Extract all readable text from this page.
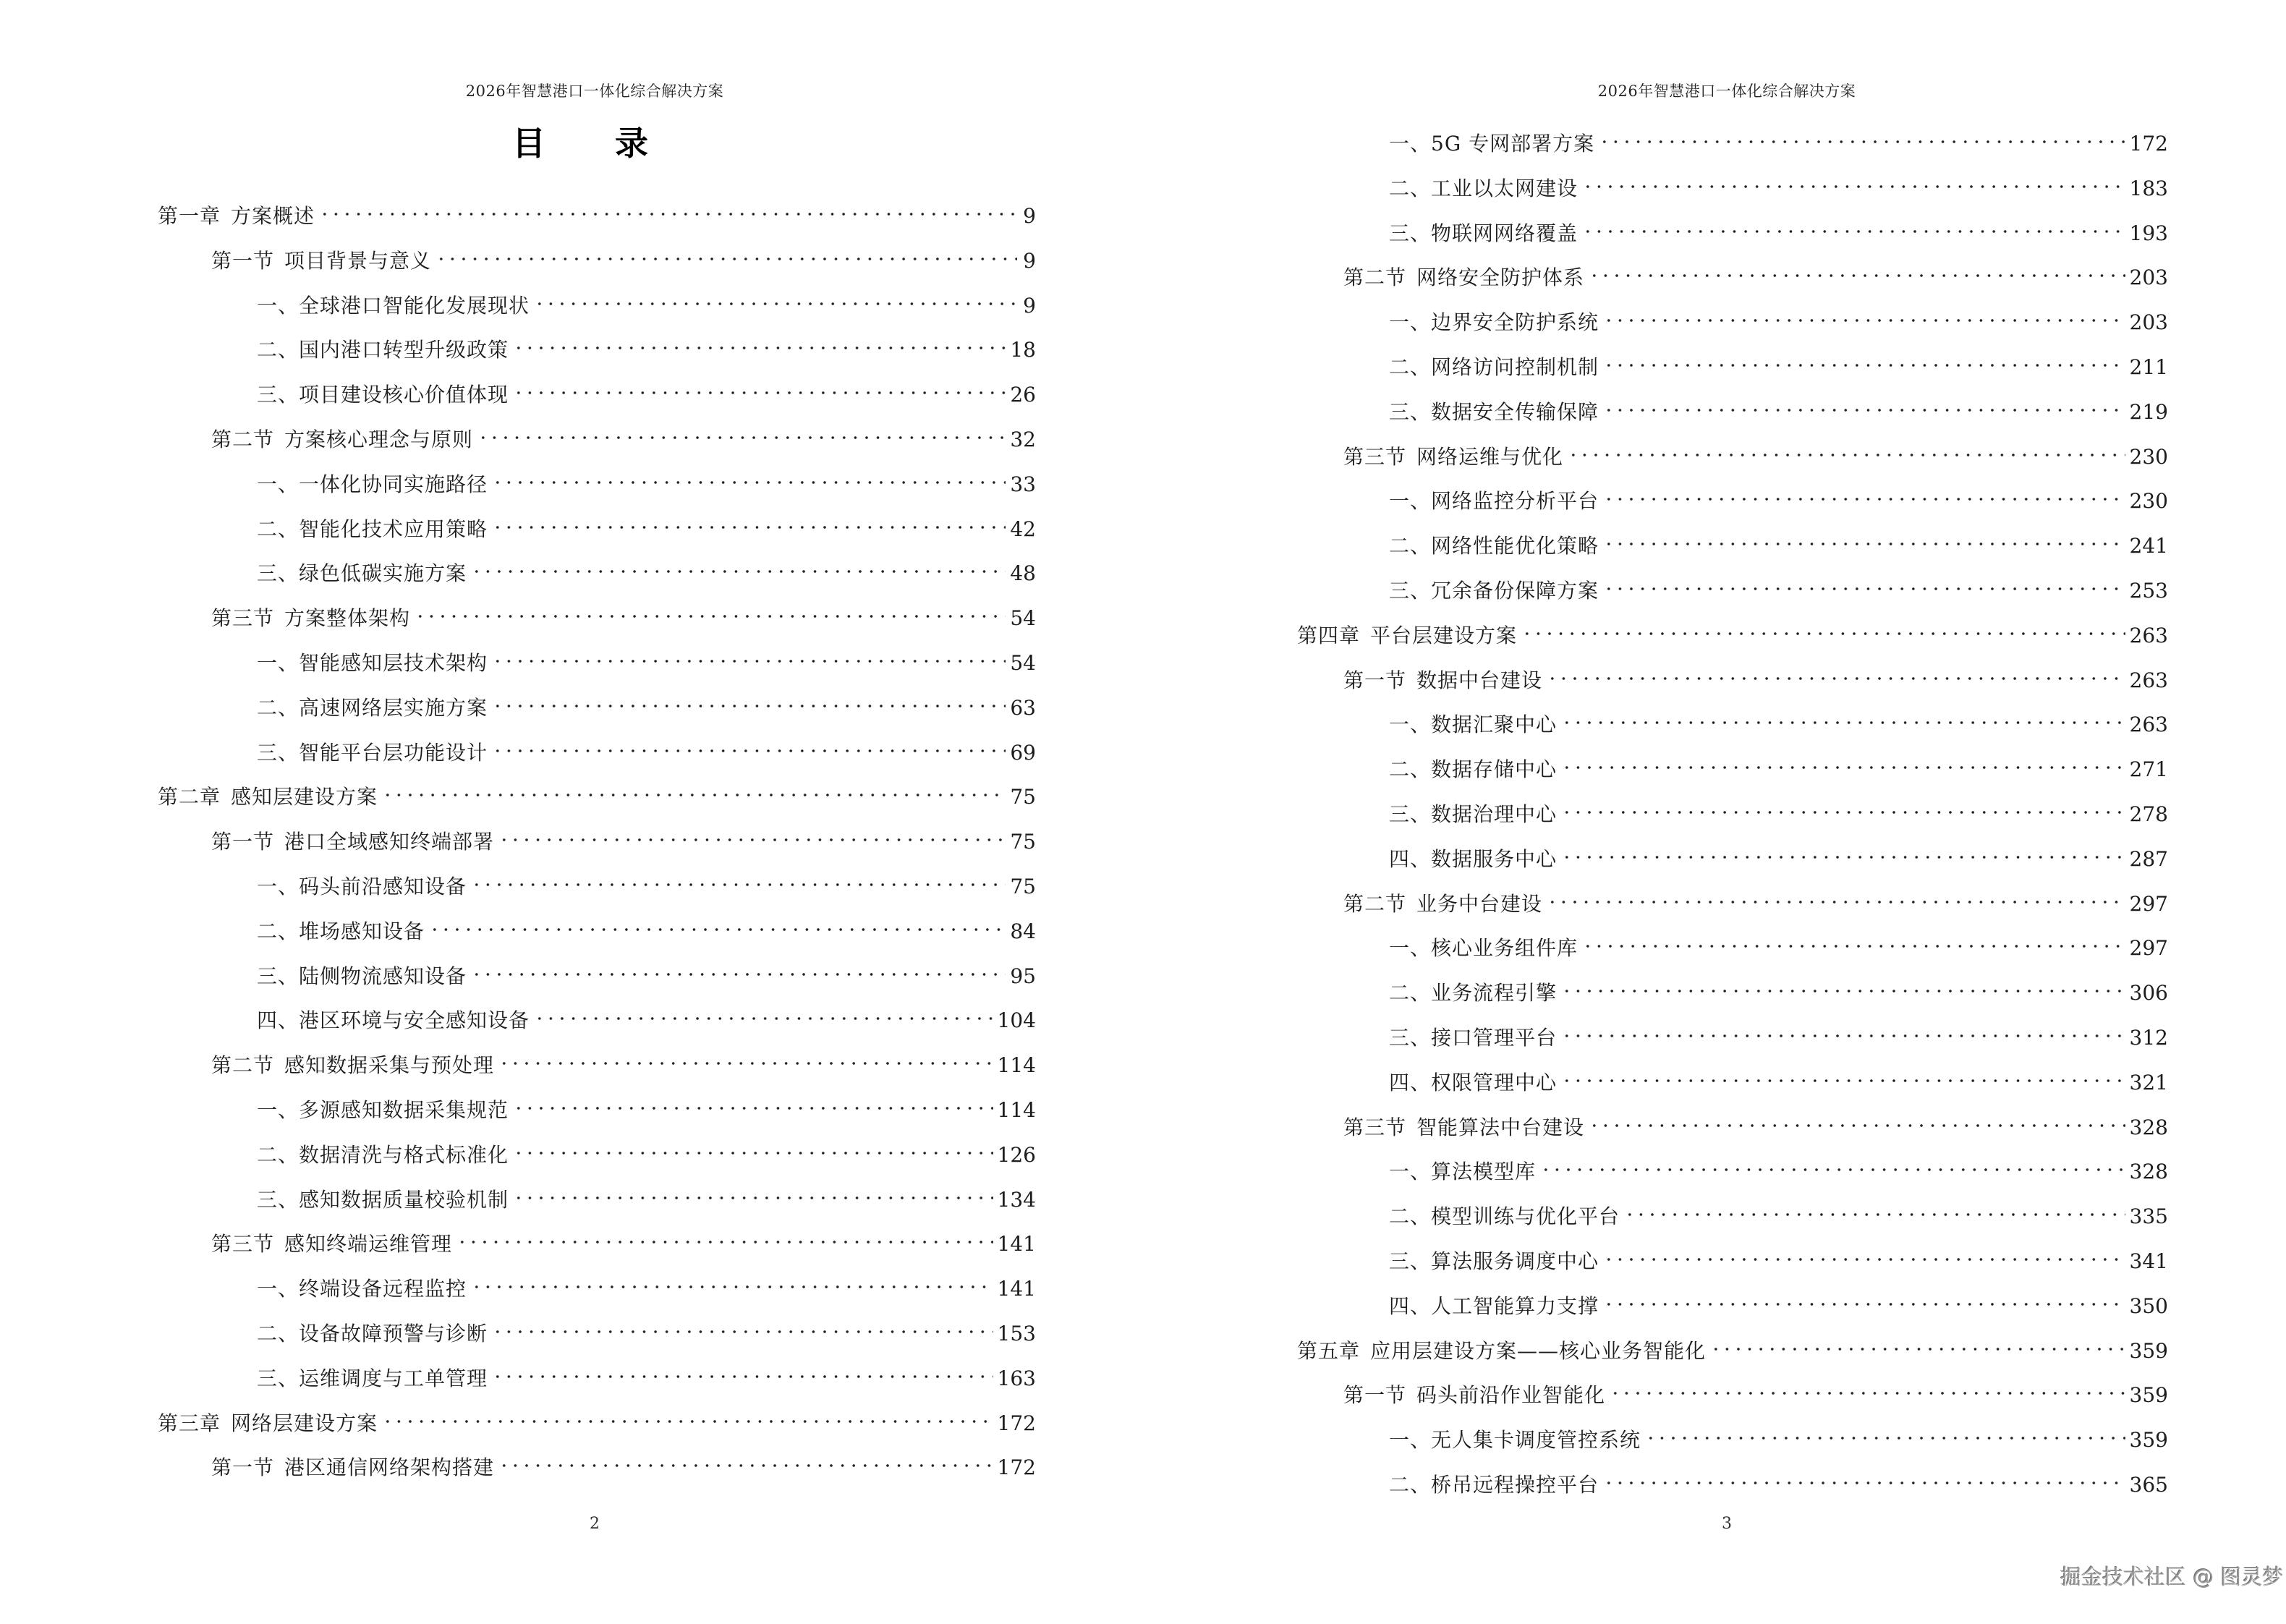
2026年智慧港口一体化综合解决方案
目 录
第一章 方案概述	9
第一节 项目背景与意义	9
一、全球港口智能化发展现状	9
二、国内港口转型升级政策	18
三、项目建设核心价值体现	26
第二节 方案核心理念与原则	32
一、一体化协同实施路径	33
二、智能化技术应用策略	42
三、绿色低碳实施方案	48
第三节 方案整体架构	54
一、智能感知层技术架构	54
二、高速网络层实施方案	63
三、智能平台层功能设计	69
第二章 感知层建设方案	75
第一节 港口全域感知终端部署	75
一、码头前沿感知设备	75
二、堆场感知设备	84
三、陆侧物流感知设备	95
四、港区环境与安全感知设备	104
第二节 感知数据采集与预处理	114
一、多源感知数据采集规范	114
二、数据清洗与格式标准化	126
三、感知数据质量校验机制	134
第三节 感知终端运维管理	141
一、终端设备远程监控	141
二、设备故障预警与诊断	153
三、运维调度与工单管理	163
第三章 网络层建设方案	172
第一节 港区通信网络架构搭建	172
2
2026年智慧港口一体化综合解决方案
一、5G 专网部署方案	172
二、工业以太网建设	183
三、物联网网络覆盖	193
第二节 网络安全防护体系	203
一、边界安全防护系统	203
二、网络访问控制机制	211
三、数据安全传输保障	219
第三节 网络运维与优化	230
一、网络监控分析平台	230
二、网络性能优化策略	241
三、冗余备份保障方案	253
第四章 平台层建设方案	263
第一节 数据中台建设	263
一、数据汇聚中心	263
二、数据存储中心	271
三、数据治理中心	278
四、数据服务中心	287
第二节 业务中台建设	297
一、核心业务组件库	297
二、业务流程引擎	306
三、接口管理平台	312
四、权限管理中心	321
第三节 智能算法中台建设	328
一、算法模型库	328
二、模型训练与优化平台	335
三、算法服务调度中心	341
四、人工智能算力支撑	350
第五章 应用层建设方案——核心业务智能化	359
第一节 码头前沿作业智能化	359
一、无人集卡调度管控系统	359
二、桥吊远程操控平台	365
3
掘金技术社区 @ 图灵梦
